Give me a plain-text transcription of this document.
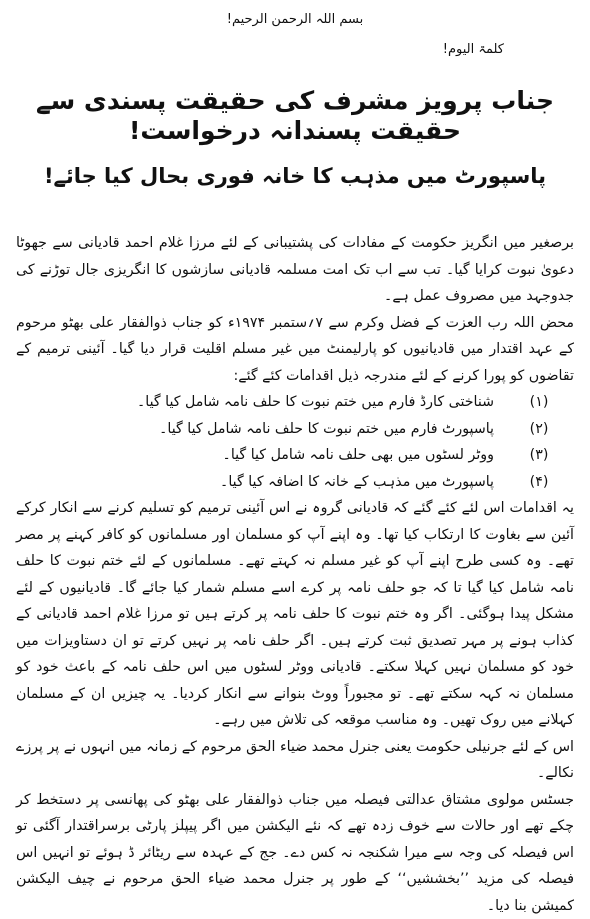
بسم اللہ الرحمن الرحیم!
کلمۃ الیوم!
جناب پرویز مشرف کی حقیقت پسندی سے حقیقت پسندانہ درخواست!
پاسپورٹ میں مذہب کا خانہ فوری بحال کیا جائے!

برصغیر میں انگریز حکومت کے مفادات کی پشتیبانی کے لئے مرزا غلام احمد قادیانی سے جھوٹا دعویٰ نبوت کرایا گیا۔ تب سے اب تک امت مسلمہ قادیانی سازشوں کا انگریزی جال توڑنے کی جدوجہد میں مصروف عمل ہے۔

محض اللہ رب العزت کے فضل وکرم سے ۷؍ستمبر ۱۹۷۴ء کو جناب ذوالفقار علی بھٹو مرحوم کے عہد اقتدار میں قادیانیوں کو پارلیمنٹ میں غیر مسلم اقلیت قرار دیا گیا۔ آئینی ترمیم کے تقاضوں کو پورا کرنے کے لئے مندرجہ ذیل اقدامات کئے گئے:

(۱)
شناختی کارڈ فارم میں ختم نبوت کا حلف نامہ شامل کیا گیا۔
(۲)
پاسپورٹ فارم میں ختم نبوت کا حلف نامہ شامل کیا گیا۔
(۳)
ووٹر لسٹوں میں بھی حلف نامہ شامل کیا گیا۔
(۴)
پاسپورٹ میں مذہب کے خانہ کا اضافہ کیا گیا۔

یہ اقدامات اس لئے کئے گئے کہ قادیانی گروہ نے اس آئینی ترمیم کو تسلیم کرنے سے انکار کرکے آئین سے بغاوت کا ارتکاب کیا تھا۔ وہ اپنے آپ کو مسلمان اور مسلمانوں کو کافر کہنے پر مصر تھے۔ وہ کسی طرح اپنے آپ کو غیر مسلم نہ کہتے تھے۔ مسلمانوں کے لئے ختم نبوت کا حلف نامہ شامل کیا گیا تا کہ جو حلف نامہ پر کرے اسے مسلم شمار کیا جائے گا۔ قادیانیوں کے لئے مشکل پیدا ہوگئی۔ اگر وہ ختم نبوت کا حلف نامہ پر کرتے ہیں تو مرزا غلام احمد قادیانی کے کذاب ہونے پر مہر تصدیق ثبت کرتے ہیں۔ اگر حلف نامہ پر نہیں کرتے تو ان دستاویزات میں خود کو مسلمان نہیں کہلا سکتے۔ قادیانی ووٹر لسٹوں میں اس حلف نامہ کے باعث خود کو مسلمان نہ کہہ سکتے تھے۔ تو مجبوراً ووٹ بنوانے سے انکار کردیا۔ یہ چیزیں ان کے مسلمان کہلانے میں روک تھیں۔ وہ مناسب موقعہ کی تلاش میں رہے۔

اس کے لئے جرنیلی حکومت یعنی جنرل محمد ضیاء الحق مرحوم کے زمانہ میں انہوں نے پر پرزے نکالے۔

جسٹس مولوی مشتاق عدالتی فیصلہ میں جناب ذوالفقار علی بھٹو کی پھانسی پر دستخط کر چکے تھے اور حالات سے خوف زدہ تھے کہ نئے الیکشن میں اگر پیپلز پارٹی برسراقتدار آگئی تو اس فیصلہ کی وجہ سے میرا شکنجہ نہ کس دے۔ جج کے عہدہ سے ریٹائر ڈ ہوئے تو انہیں اس فیصلہ کی مزید ’’بخششیں‘‘ کے طور پر جنرل محمد ضیاء الحق مرحوم نے چیف الیکشن کمیشن بنا دیا۔
